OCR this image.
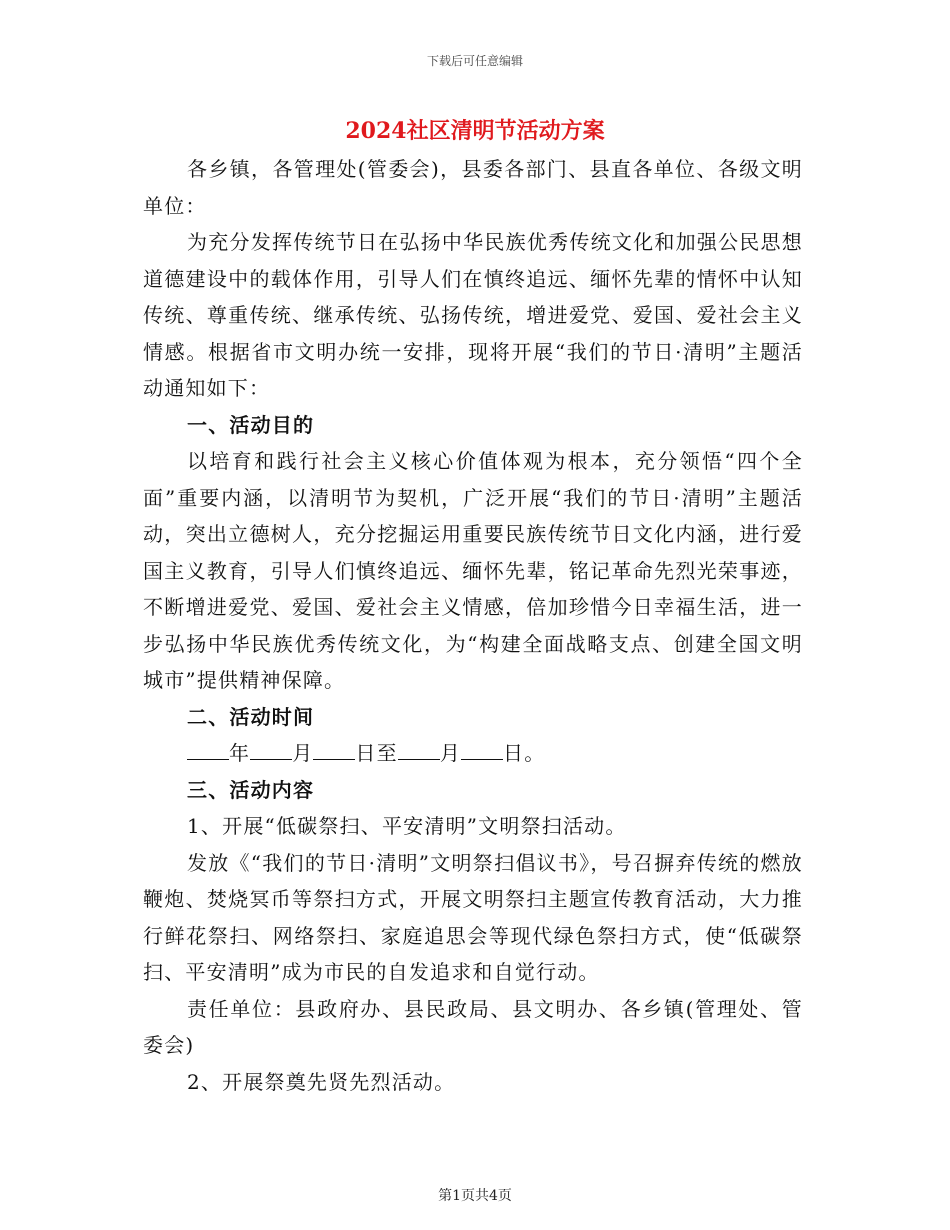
下载后可任意编辑
2024社区清明节活动方案

各乡镇，各管理处(管委会)，县委各部门、县直各单位、各级文明单位：

为充分发挥传统节日在弘扬中华民族优秀传统文化和加强公民思想道德建设中的载体作用，引导人们在慎终追远、缅怀先辈的情怀中认知传统、尊重传统、继承传统、弘扬传统，增进爱党、爱国、爱社会主义情感。根据省市文明办统一安排，现将开展“我们的节日·清明”主题活动通知如下：

一、活动目的

以培育和践行社会主义核心价值体观为根本，充分领悟“四个全面”重要内涵，以清明节为契机，广泛开展“我们的节日·清明”主题活动，突出立德树人，充分挖掘运用重要民族传统节日文化内涵，进行爱国主义教育，引导人们慎终追远、缅怀先辈，铭记革命先烈光荣事迹，不断增进爱党、爱国、爱社会主义情感，倍加珍惜今日幸福生活，进一步弘扬中华民族优秀传统文化，为“构建全面战略支点、创建全国文明城市”提供精神保障。

二、活动时间

年 月 日至 月 日。

三、活动内容

1、开展“低碳祭扫、平安清明”文明祭扫活动。

发放《“我们的节日·清明”文明祭扫倡议书》，号召摒弃传统的燃放鞭炮、焚烧冥币等祭扫方式，开展文明祭扫主题宣传教育活动，大力推行鲜花祭扫、网络祭扫、家庭追思会等现代绿色祭扫方式，使“低碳祭扫、平安清明”成为市民的自发追求和自觉行动。

责任单位：县政府办、县民政局、县文明办、各乡镇(管理处、管委会)

2、开展祭奠先贤先烈活动。

第1页共4页
